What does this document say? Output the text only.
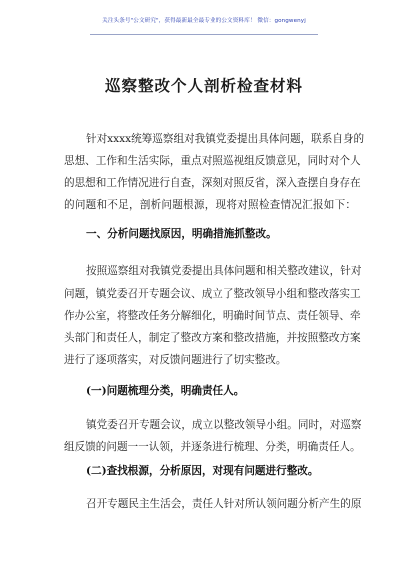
关注头条号"公文研究"，获得最新最全最专业的公文资料库！ 微信：gongwenyj
巡察整改个人剖析检查材料
针对xxxx统筹巡察组对我镇党委提出具体问题，联系自身的
思想、工作和生活实际，重点对照巡视组反馈意见，同时对个人
的思想和工作情况进行自查，深刻对照反省，深入查摆自身存在
的问题和不足，剖析问题根源，现将对照检查情况汇报如下：
一、分析问题找原因，明确措施抓整改。
按照巡察组对我镇党委提出具体问题和相关整改建议，针对
问题，镇党委召开专题会议、成立了整改领导小组和整改落实工
作办公室，将整改任务分解细化，明确时间节点、责任领导、牵
头部门和责任人，制定了整改方案和整改措施，并按照整改方案
进行了逐项落实，对反馈问题进行了切实整改。
(一)问题梳理分类，明确责任人。
镇党委召开专题会议，成立以整改领导小组。同时，对巡察
组反馈的问题一一认领，并逐条进行梳理、分类，明确责任人。
(二)查找根源，分析原因，对现有问题进行整改。
召开专题民主生活会，责任人针对所认领问题分析产生的原
